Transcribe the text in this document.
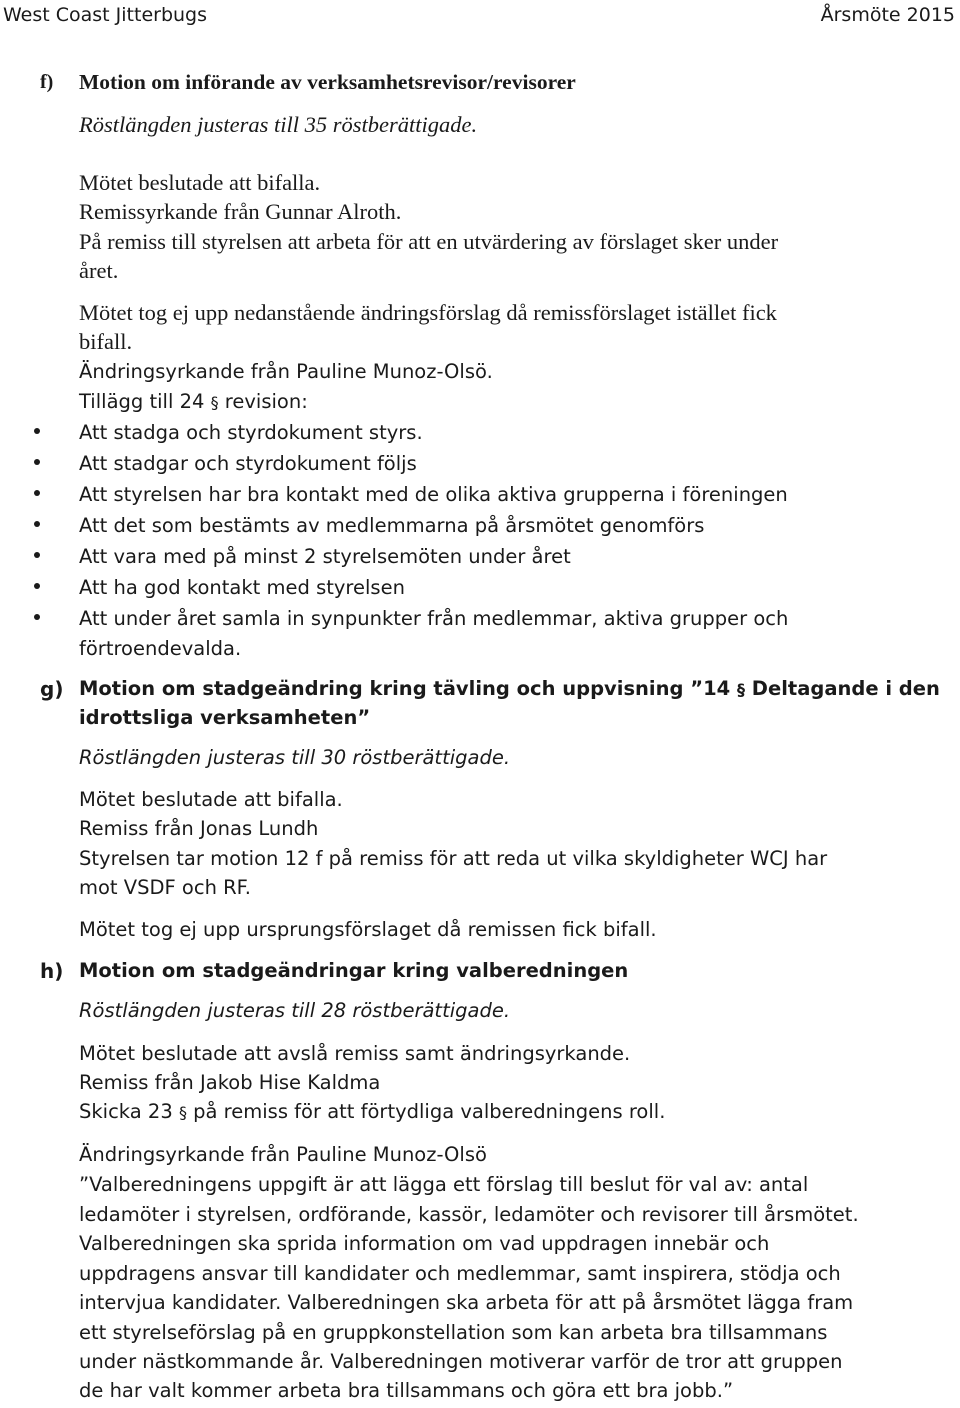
West Coast Jitterbugs	Årsmöte 2015
f) Motion om införande av verksamhetsrevisor/revisorer
Röstlängden justeras till 35 röstberättigade.
Mötet beslutade att bifalla.
Remissyrkande från Gunnar Alroth.
På remiss till styrelsen att arbeta för att en utvärdering av förslaget sker under
året.
Mötet tog ej upp nedanstående ändringsförslag då remissförslaget istället fick
bifall.
Ändringsyrkande från Pauline Munoz-Olsö.
Tillägg till 24 § revision:
Att stadga och styrdokument styrs.
Att stadgar och styrdokument följs
Att styrelsen har bra kontakt med de olika aktiva grupperna i föreningen
Att det som bestämts av medlemmarna på årsmötet genomförs
Att vara med på minst 2 styrelsemöten under året
Att ha god kontakt med styrelsen
Att under året samla in synpunkter från medlemmar, aktiva grupper och
förtroendevalda.
g) Motion om stadgeändring kring tävling och uppvisning ”14 § Deltagande i den
idrottsliga verksamheten”
Röstlängden justeras till 30 röstberättigade.
Mötet beslutade att bifalla.
Remiss från Jonas Lundh
Styrelsen tar motion 12 f på remiss för att reda ut vilka skyldigheter WCJ har
mot VSDF och RF.
Mötet tog ej upp ursprungsförslaget då remissen fick bifall.
h) Motion om stadgeändringar kring valberedningen
Röstlängden justeras till 28 röstberättigade.
Mötet beslutade att avslå remiss samt ändringsyrkande.
Remiss från Jakob Hise Kaldma
Skicka 23 § på remiss för att förtydliga valberedningens roll.
Ändringsyrkande från Pauline Munoz-Olsö
”Valberedningens uppgift är att lägga ett förslag till beslut för val av: antal
ledamöter i styrelsen, ordförande, kassör, ledamöter och revisorer till årsmötet.
Valberedningen ska sprida information om vad uppdragen innebär och
uppdragens ansvar till kandidater och medlemmar, samt inspirera, stödja och
intervjua kandidater. Valberedningen ska arbeta för att på årsmötet lägga fram
ett styrelseförslag på en gruppkonstellation som kan arbeta bra tillsammans
under nästkommande år. Valberedningen motiverar varför de tror att gruppen
de har valt kommer arbeta bra tillsammans och göra ett bra jobb.”
